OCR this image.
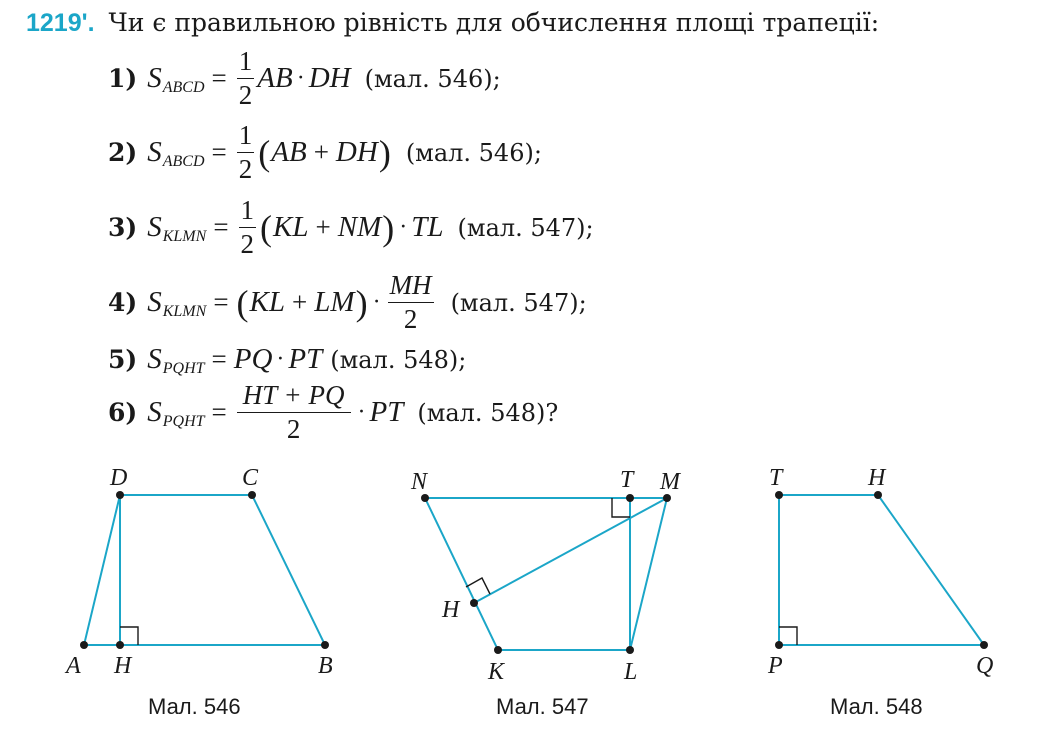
1219'. Чи є правильною рівність для обчислення площі трапеції:
1) S ABCD = $\frac{1}{2}$ AB · DH (мал. 546);
2) S ABCD = $\frac{1}{2}$ ( AB + DH ) (мал. 546);
3) S KLMN = $\frac{1}{2}$ ( KL + NM ) · TL (мал. 547);
4) S KLMN = ( KL + LM ) · $\frac{MH}{2} (мал$. 547);
5) S PQHT = PQ · PT (мал. 548);
6) S PQHT = $\frac{HT + PQ}{2}$ · PT (мал. 548)?
D	C
A H	B
N	T M
H
K	L
T	H
P	Q
Мал. 546	Мал. 547	Мал. 548
